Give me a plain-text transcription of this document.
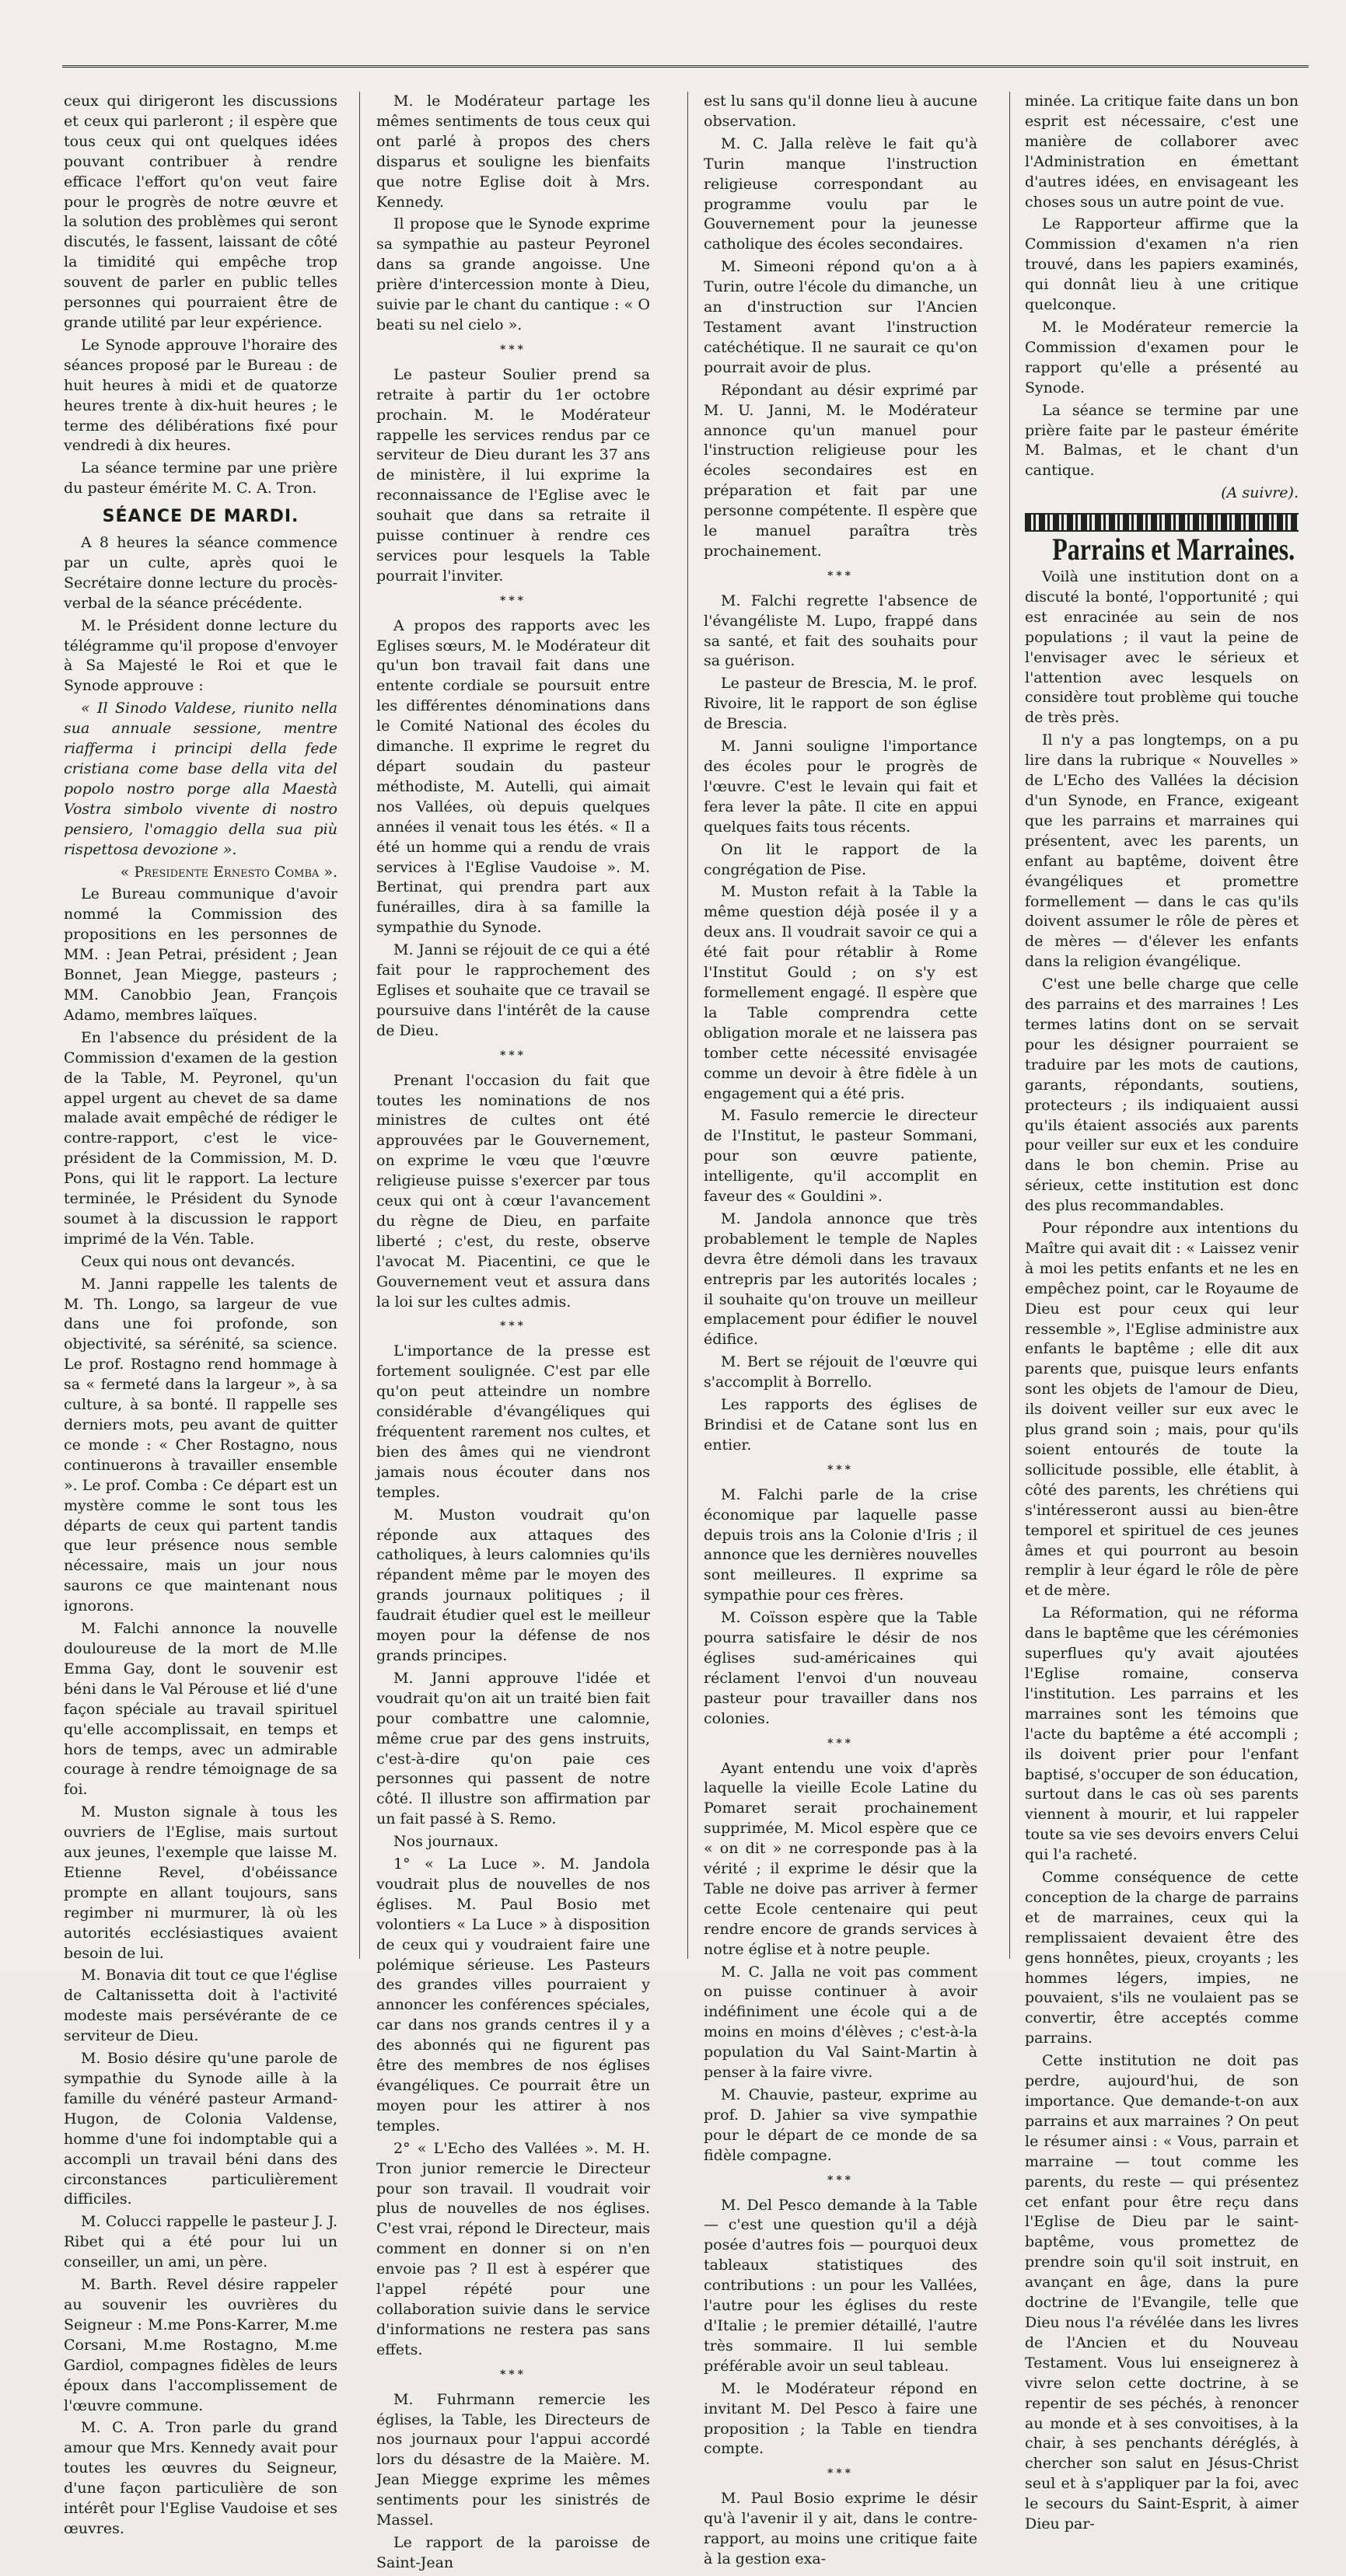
ceux qui dirigeront les discussions et ceux qui parleront ; il espère que tous ceux qui ont quelques idées pouvant contribuer à rendre efficace l'effort qu'on veut faire pour le progrès de notre œuvre et la solution des problèmes qui seront discutés, le fassent, laissant de côté la timidité qui empêche trop souvent de parler en public telles personnes qui pourraient être de grande utilité par leur expérience.

Le Synode approuve l'horaire des séances proposé par le Bureau : de huit heures à midi et de quatorze heures trente à dix-huit heures ; le terme des délibérations fixé pour vendredi à dix heures.

La séance termine par une prière du pasteur émérite M. C. A. Tron.

SÉANCE DE MARDI.

A 8 heures la séance commence par un culte, après quoi le Secrétaire donne lecture du procès-verbal de la séance précédente.

M. le Président donne lecture du télégramme qu'il propose d'envoyer à Sa Majesté le Roi et que le Synode approuve :

« Il Sinodo Valdese, riunito nella sua annuale sessione, mentre riafferma i principi della fede cristiana come base della vita del popolo nostro porge alla Maestà Vostra simbolo vivente di nostro pensiero, l'omaggio della sua più rispettosa devozione ».

« Presidente Ernesto Comba ».

Le Bureau communique d'avoir nommé la Commission des propositions en les personnes de MM. : Jean Petrai, président ; Jean Bonnet, Jean Miegge, pasteurs ; MM. Canobbio Jean, François Adamo, membres laïques.

En l'absence du président de la Commission d'examen de la gestion de la Table, M. Peyronel, qu'un appel urgent au chevet de sa dame malade avait empêché de rédiger le contre-rapport, c'est le vice-président de la Commission, M. D. Pons, qui lit le rapport. La lecture terminée, le Président du Synode soumet à la discussion le rapport imprimé de la Vén. Table.

Ceux qui nous ont devancés.

M. Janni rappelle les talents de M. Th. Longo, sa largeur de vue dans une foi profonde, son objectivité, sa sérénité, sa science. Le prof. Rostagno rend hommage à sa « fermeté dans la largeur », à sa culture, à sa bonté. Il rappelle ses derniers mots, peu avant de quitter ce monde : « Cher Rostagno, nous continuerons à travailler ensemble ». Le prof. Comba : Ce départ est un mystère comme le sont tous les départs de ceux qui partent tandis que leur présence nous semble nécessaire, mais un jour nous saurons ce que maintenant nous ignorons.

M. Falchi annonce la nouvelle douloureuse de la mort de M.lle Emma Gay, dont le souvenir est béni dans le Val Pérouse et lié d'une façon spéciale au travail spirituel qu'elle accomplissait, en temps et hors de temps, avec un admirable courage à rendre témoignage de sa foi.

M. Muston signale à tous les ouvriers de l'Eglise, mais surtout aux jeunes, l'exemple que laisse M. Etienne Revel, d'obéissance prompte en allant toujours, sans regimber ni murmurer, là où les autorités ecclésiastiques avaient besoin de lui.

M. Bonavia dit tout ce que l'église de Caltanissetta doit à l'activité modeste mais persévérante de ce serviteur de Dieu.

M. Bosio désire qu'une parole de sympathie du Synode aille à la famille du vénéré pasteur Armand-Hugon, de Colonia Valdense, homme d'une foi indomptable qui a accompli un travail béni dans des circonstances particulièrement difficiles.

M. Colucci rappelle le pasteur J. J. Ribet qui a été pour lui un conseiller, un ami, un père.

M. Barth. Revel désire rappeler au souvenir les ouvrières du Seigneur : M.me Pons-Karrer, M.me Corsani, M.me Rostagno, M.me Gardiol, compagnes fidèles de leurs époux dans l'accomplissement de l'œuvre commune.

M. C. A. Tron parle du grand amour que Mrs. Kennedy avait pour toutes les œuvres du Seigneur, d'une façon particulière de son intérêt pour l'Eglise Vaudoise et ses œuvres.

M. le Modérateur partage les mêmes sentiments de tous ceux qui ont parlé à propos des chers disparus et souligne les bienfaits que notre Eglise doit à Mrs. Kennedy.

Il propose que le Synode exprime sa sympathie au pasteur Peyronel dans sa grande angoisse. Une prière d'intercession monte à Dieu, suivie par le chant du cantique : « O beati su nel cielo ».

***

Le pasteur Soulier prend sa retraite à partir du 1er octobre prochain. M. le Modérateur rappelle les services rendus par ce serviteur de Dieu durant les 37 ans de ministère, il lui exprime la reconnaissance de l'Eglise avec le souhait que dans sa retraite il puisse continuer à rendre ces services pour lesquels la Table pourrait l'inviter.

***

A propos des rapports avec les Eglises sœurs, M. le Modérateur dit qu'un bon travail fait dans une entente cordiale se poursuit entre les différentes dénominations dans le Comité National des écoles du dimanche. Il exprime le regret du départ soudain du pasteur méthodiste, M. Autelli, qui aimait nos Vallées, où depuis quelques années il venait tous les étés. « Il a été un homme qui a rendu de vrais services à l'Eglise Vaudoise ». M. Bertinat, qui prendra part aux funérailles, dira à sa famille la sympathie du Synode.

M. Janni se réjouit de ce qui a été fait pour le rapprochement des Eglises et souhaite que ce travail se poursuive dans l'intérêt de la cause de Dieu.

***

Prenant l'occasion du fait que toutes les nominations de nos ministres de cultes ont été approuvées par le Gouvernement, on exprime le vœu que l'œuvre religieuse puisse s'exercer par tous ceux qui ont à cœur l'avancement du règne de Dieu, en parfaite liberté ; c'est, du reste, observe l'avocat M. Piacentini, ce que le Gouvernement veut et assura dans la loi sur les cultes admis.

***

L'importance de la presse est fortement soulignée. C'est par elle qu'on peut atteindre un nombre considérable d'évangéliques qui fréquentent rarement nos cultes, et bien des âmes qui ne viendront jamais nous écouter dans nos temples.

M. Muston voudrait qu'on réponde aux attaques des catholiques, à leurs calomnies qu'ils répandent même par le moyen des grands journaux politiques ; il faudrait étudier quel est le meilleur moyen pour la défense de nos grands principes.

M. Janni approuve l'idée et voudrait qu'on ait un traité bien fait pour combattre une calomnie, même crue par des gens instruits, c'est-à-dire qu'on paie ces personnes qui passent de notre côté. Il illustre son affirmation par un fait passé à S. Remo.

Nos journaux.

1° « La Luce ». M. Jandola voudrait plus de nouvelles de nos églises. M. Paul Bosio met volontiers « La Luce » à disposition de ceux qui y voudraient faire une polémique sérieuse. Les Pasteurs des grandes villes pourraient y annoncer les conférences spéciales, car dans nos grands centres il y a des abonnés qui ne figurent pas être des membres de nos églises évangéliques. Ce pourrait être un moyen pour les attirer à nos temples.

2° « L'Echo des Vallées ». M. H. Tron junior remercie le Directeur pour son travail. Il voudrait voir plus de nouvelles de nos églises. C'est vrai, répond le Directeur, mais comment en donner si on n'en envoie pas ? Il est à espérer que l'appel répété pour une collaboration suivie dans le service d'informations ne restera pas sans effets.

***

M. Fuhrmann remercie les églises, la Table, les Directeurs de nos journaux pour l'appui accordé lors du désastre de la Maière. M. Jean Miegge exprime les mêmes sentiments pour les sinistrés de Massel.

Le rapport de la paroisse de Saint-Jean

est lu sans qu'il donne lieu à aucune observation.

M. C. Jalla relève le fait qu'à Turin manque l'instruction religieuse correspondant au programme voulu par le Gouvernement pour la jeunesse catholique des écoles secondaires.

M. Simeoni répond qu'on a à Turin, outre l'école du dimanche, un an d'instruction sur l'Ancien Testament avant l'instruction catéchétique. Il ne saurait ce qu'on pourrait avoir de plus.

Répondant au désir exprimé par M. U. Janni, M. le Modérateur annonce qu'un manuel pour l'instruction religieuse pour les écoles secondaires est en préparation et fait par une personne compétente. Il espère que le manuel paraîtra très prochainement.

***

M. Falchi regrette l'absence de l'évangéliste M. Lupo, frappé dans sa santé, et fait des souhaits pour sa guérison.

Le pasteur de Brescia, M. le prof. Rivoire, lit le rapport de son église de Brescia.

M. Janni souligne l'importance des écoles pour le progrès de l'œuvre. C'est le levain qui fait et fera lever la pâte. Il cite en appui quelques faits tous récents.

On lit le rapport de la congrégation de Pise.

M. Muston refait à la Table la même question déjà posée il y a deux ans. Il voudrait savoir ce qui a été fait pour rétablir à Rome l'Institut Gould ; on s'y est formellement engagé. Il espère que la Table comprendra cette obligation morale et ne laissera pas tomber cette nécessité envisagée comme un devoir à être fidèle à un engagement qui a été pris.

M. Fasulo remercie le directeur de l'Institut, le pasteur Sommani, pour son œuvre patiente, intelligente, qu'il accomplit en faveur des « Gouldini ».

M. Jandola annonce que très probablement le temple de Naples devra être démoli dans les travaux entrepris par les autorités locales ; il souhaite qu'on trouve un meilleur emplacement pour édifier le nouvel édifice.

M. Bert se réjouit de l'œuvre qui s'accomplit à Borrello.

Les rapports des églises de Brindisi et de Catane sont lus en entier.

***

M. Falchi parle de la crise économique par laquelle passe depuis trois ans la Colonie d'Iris ; il annonce que les dernières nouvelles sont meilleures. Il exprime sa sympathie pour ces frères.

M. Coïsson espère que la Table pourra satisfaire le désir de nos églises sud-américaines qui réclament l'envoi d'un nouveau pasteur pour travailler dans nos colonies.

***

Ayant entendu une voix d'après laquelle la vieille Ecole Latine du Pomaret serait prochainement supprimée, M. Micol espère que ce « on dit » ne corresponde pas à la vérité ; il exprime le désir que la Table ne doive pas arriver à fermer cette Ecole centenaire qui peut rendre encore de grands services à notre église et à notre peuple.

M. C. Jalla ne voit pas comment on puisse continuer à avoir indéfiniment une école qui a de moins en moins d'élèves ; c'est-à-la population du Val Saint-Martin à penser à la faire vivre.

M. Chauvie, pasteur, exprime au prof. D. Jahier sa vive sympathie pour le départ de ce monde de sa fidèle compagne.

***

M. Del Pesco demande à la Table — c'est une question qu'il a déjà posée d'autres fois — pourquoi deux tableaux statistiques des contributions : un pour les Vallées, l'autre pour les églises du reste d'Italie ; le premier détaillé, l'autre très sommaire. Il lui semble préférable avoir un seul tableau.

M. le Modérateur répond en invitant M. Del Pesco à faire une proposition ; la Table en tiendra compte.

***

M. Paul Bosio exprime le désir qu'à l'avenir il y ait, dans le contre-rapport, au moins une critique faite à la gestion exa-

minée. La critique faite dans un bon esprit est nécessaire, c'est une manière de collaborer avec l'Administration en émettant d'autres idées, en envisageant les choses sous un autre point de vue.

Le Rapporteur affirme que la Commission d'examen n'a rien trouvé, dans les papiers examinés, qui donnât lieu à une critique quelconque.

M. le Modérateur remercie la Commission d'examen pour le rapport qu'elle a présenté au Synode.

La séance se termine par une prière faite par le pasteur émérite M. Balmas, et le chant d'un cantique.

(A suivre).

Parrains et Marraines.

Voilà une institution dont on a discuté la bonté, l'opportunité ; qui est enracinée au sein de nos populations ; il vaut la peine de l'envisager avec le sérieux et l'attention avec lesquels on considère tout problème qui touche de très près.

Il n'y a pas longtemps, on a pu lire dans la rubrique « Nouvelles » de L'Echo des Vallées la décision d'un Synode, en France, exigeant que les parrains et marraines qui présentent, avec les parents, un enfant au baptême, doivent être évangéliques et promettre formellement — dans le cas qu'ils doivent assumer le rôle de pères et de mères — d'élever les enfants dans la religion évangélique.

C'est une belle charge que celle des parrains et des marraines ! Les termes latins dont on se servait pour les désigner pourraient se traduire par les mots de cautions, garants, répondants, soutiens, protecteurs ; ils indiquaient aussi qu'ils étaient associés aux parents pour veiller sur eux et les conduire dans le bon chemin. Prise au sérieux, cette institution est donc des plus recommandables.

Pour répondre aux intentions du Maître qui avait dit : « Laissez venir à moi les petits enfants et ne les en empêchez point, car le Royaume de Dieu est pour ceux qui leur ressemble », l'Eglise administre aux enfants le baptême ; elle dit aux parents que, puisque leurs enfants sont les objets de l'amour de Dieu, ils doivent veiller sur eux avec le plus grand soin ; mais, pour qu'ils soient entourés de toute la sollicitude possible, elle établit, à côté des parents, les chrétiens qui s'intéresseront aussi au bien-être temporel et spirituel de ces jeunes âmes et qui pourront au besoin remplir à leur égard le rôle de père et de mère.

La Réformation, qui ne réforma dans le baptême que les cérémonies superflues qu'y avait ajoutées l'Eglise romaine, conserva l'institution. Les parrains et les marraines sont les témoins que l'acte du baptême a été accompli ; ils doivent prier pour l'enfant baptisé, s'occuper de son éducation, surtout dans le cas où ses parents viennent à mourir, et lui rappeler toute sa vie ses devoirs envers Celui qui l'a racheté.

Comme conséquence de cette conception de la charge de parrains et de marraines, ceux qui la remplissaient devaient être des gens honnêtes, pieux, croyants ; les hommes légers, impies, ne pouvaient, s'ils ne voulaient pas se convertir, être acceptés comme parrains.

Cette institution ne doit pas perdre, aujourd'hui, de son importance. Que demande-t-on aux parrains et aux marraines ? On peut le résumer ainsi : « Vous, parrain et marraine — tout comme les parents, du reste — qui présentez cet enfant pour être reçu dans l'Eglise de Dieu par le saint-baptême, vous promettez de prendre soin qu'il soit instruit, en avançant en âge, dans la pure doctrine de l'Evangile, telle que Dieu nous l'a révélée dans les livres de l'Ancien et du Nouveau Testament. Vous lui enseignerez à vivre selon cette doctrine, à se repentir de ses péchés, à renoncer au monde et à ses convoitises, à la chair, à ses penchants déréglés, à chercher son salut en Jésus-Christ seul et à s'appliquer par la foi, avec le secours du Saint-Esprit, à aimer Dieu par-
